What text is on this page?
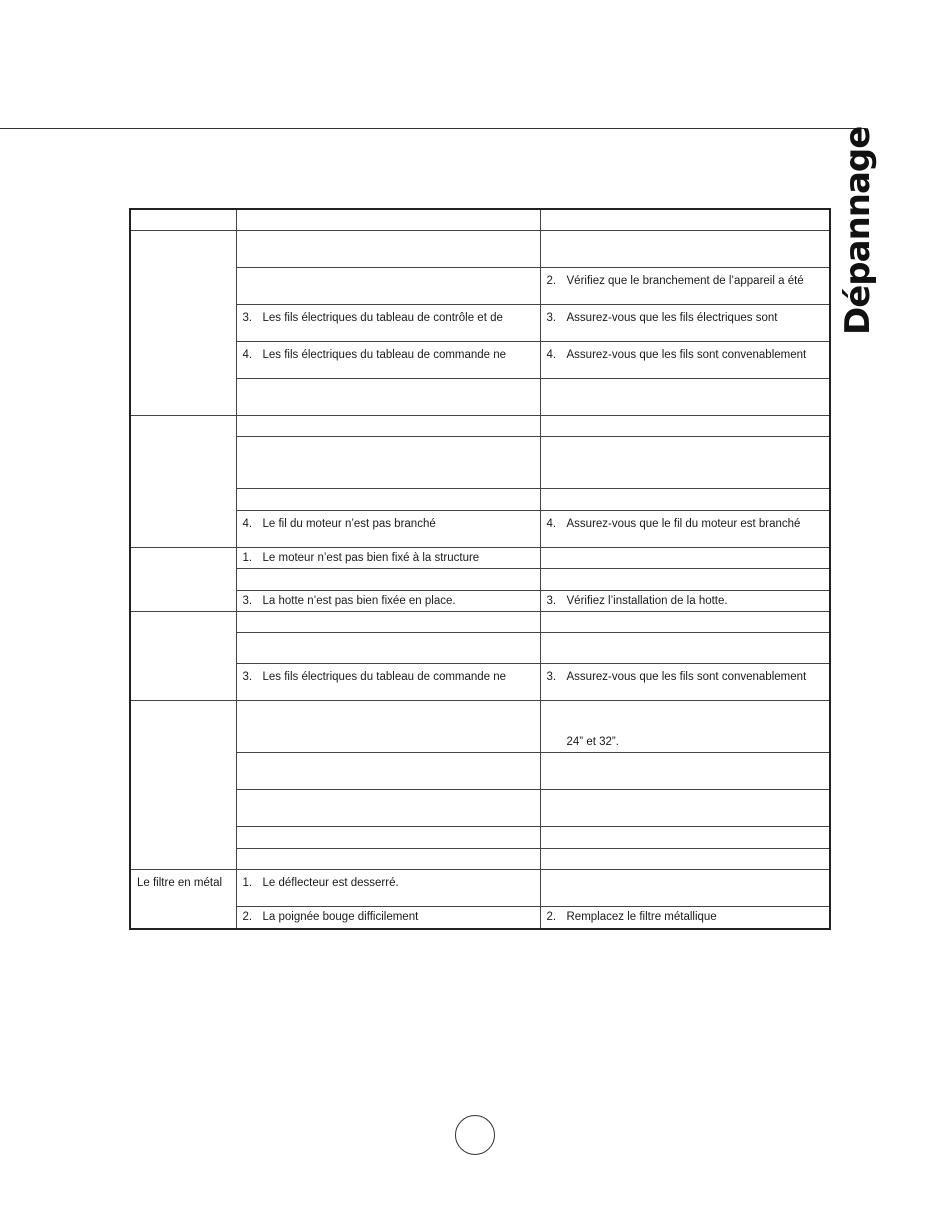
Dépannage

		2. Vérifiez que le branchement de l’appareil a été

	3. Les fils électriques du tableau de contrôle et de	3. Assurez-vous que les fils électriques sont

	4. Les fils électriques du tableau de commande ne	4. Assurez-vous que les fils sont convenablement

	4. Le fil du moteur n’est pas branché	4. Assurez-vous que le fil du moteur est branché

	1. Le moteur n’est pas bien fixé à la structure	

	3. La hotte n’est pas bien fixée en place.	3. Vérifiez l’installation de la hotte.

	3. Les fils électriques du tableau de commande ne	3. Assurez-vous que les fils sont convenablement

		24” et 32”.

Le filtre en métal	1. Le déflecteur est desserré.	

	2. La poignée bouge difficilement	2. Remplacez le filtre métallique
